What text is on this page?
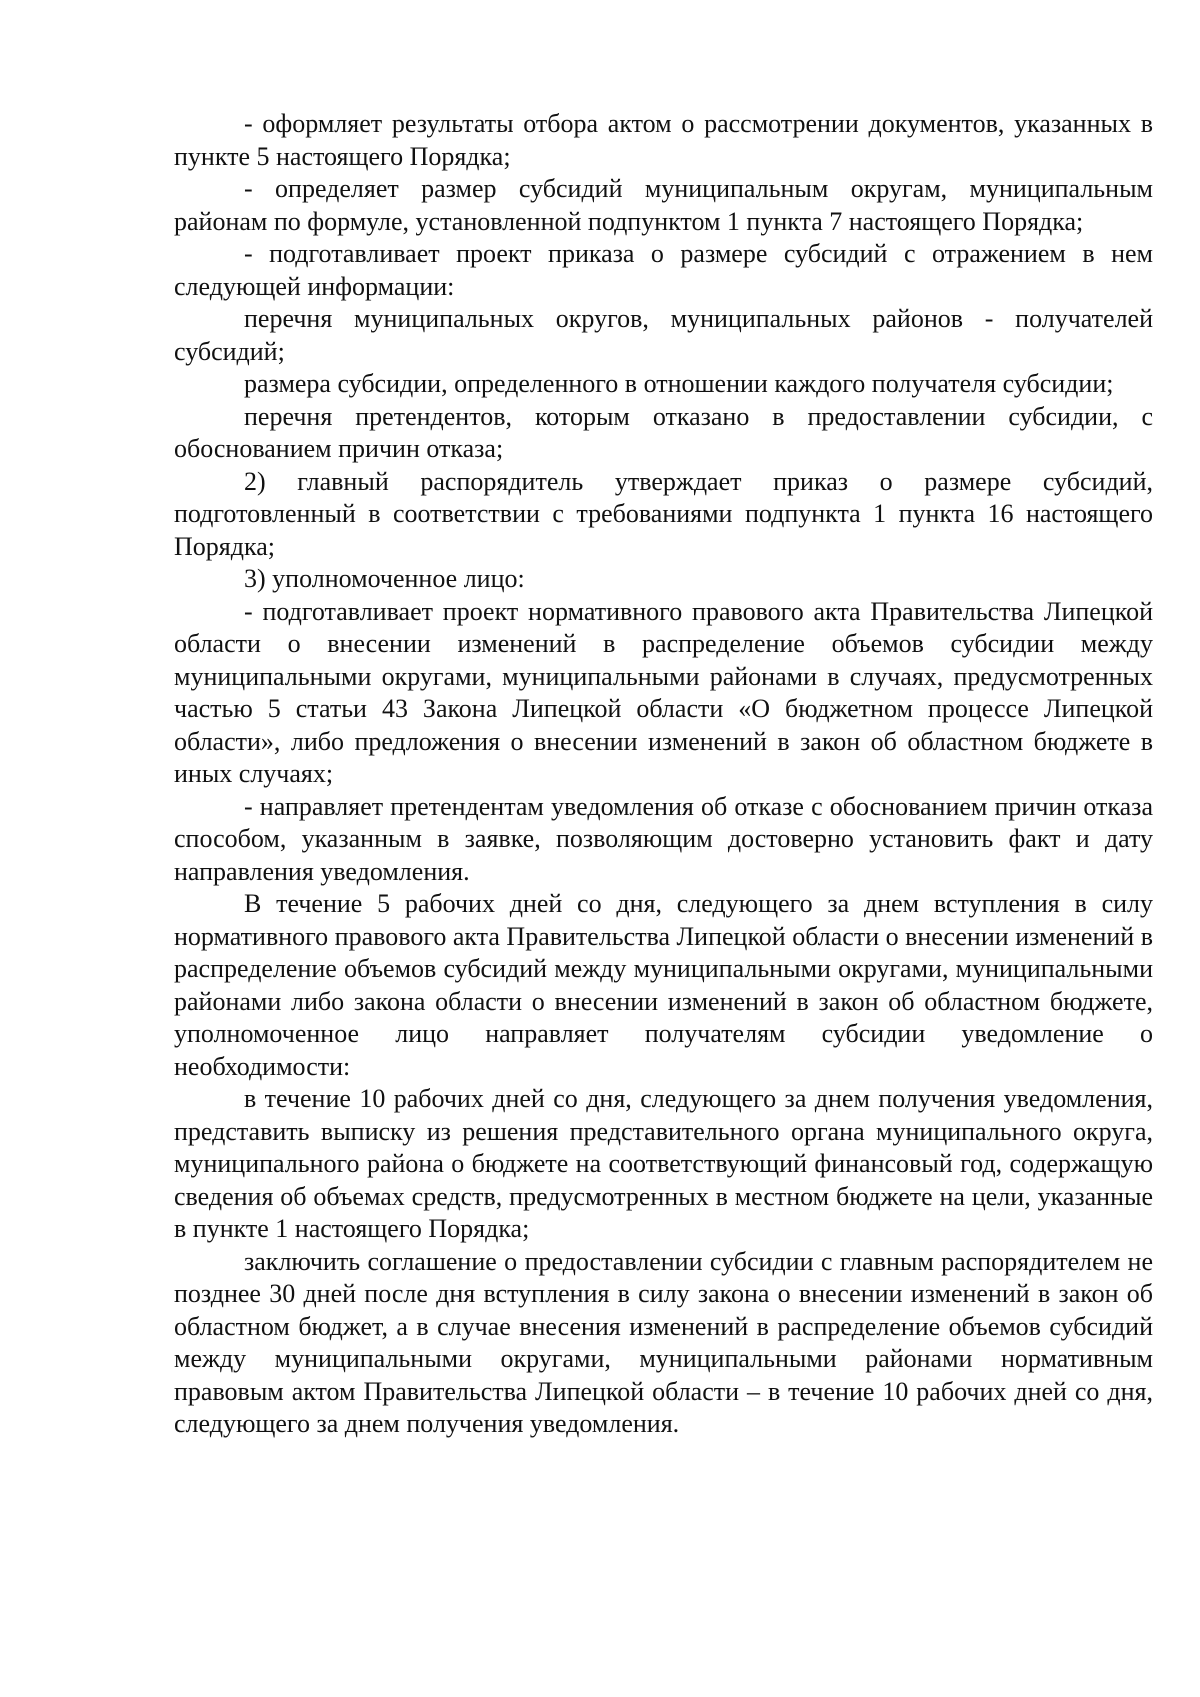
- оформляет результаты отбора актом о рассмотрении документов, указанных в пункте 5 настоящего Порядка;

- определяет размер субсидий муниципальным округам, муниципальным районам по формуле, установленной подпунктом 1 пункта 7 настоящего Порядка;

- подготавливает проект приказа о размере субсидий с отражением в нем следующей информации:

перечня муниципальных округов, муниципальных районов - получателей субсидий;

размера субсидии, определенного в отношении каждого получателя субсидии;

перечня претендентов, которым отказано в предоставлении субсидии, с обоснованием причин отказа;

2) главный распорядитель утверждает приказ о размере субсидий, подготовленный в соответствии с требованиями подпункта 1 пункта 16 настоящего Порядка;

3) уполномоченное лицо:

- подготавливает проект нормативного правового акта Правительства Липецкой области о внесении изменений в распределение объемов субсидии между муниципальными округами, муниципальными районами в случаях, предусмотренных частью 5 статьи 43 Закона Липецкой области «О бюджетном процессе Липецкой области», либо предложения о внесении изменений в закон об областном бюджете в иных случаях;

- направляет претендентам уведомления об отказе с обоснованием причин отказа способом, указанным в заявке, позволяющим достоверно установить факт и дату направления уведомления.

В течение 5 рабочих дней со дня, следующего за днем вступления в силу нормативного правового акта Правительства Липецкой области о внесении изменений в распределение объемов субсидий между муниципальными округами, муниципальными районами либо закона области о внесении изменений в закон об областном бюджете, уполномоченное лицо направляет получателям субсидии уведомление о необходимости:

в течение 10 рабочих дней со дня, следующего за днем получения уведомления, представить выписку из решения представительного органа муниципального округа, муниципального района о бюджете на соответствующий финансовый год, содержащую сведения об объемах средств, предусмотренных в местном бюджете на цели, указанные в пункте 1 настоящего Порядка;

заключить соглашение о предоставлении субсидии с главным распорядителем не позднее 30 дней после дня вступления в силу закона о внесении изменений в закон об областном бюджет, а в случае внесения изменений в распределение объемов субсидий между муниципальными округами, муниципальными районами нормативным правовым актом Правительства Липецкой области – в течение 10 рабочих дней со дня, следующего за днем получения уведомления.
